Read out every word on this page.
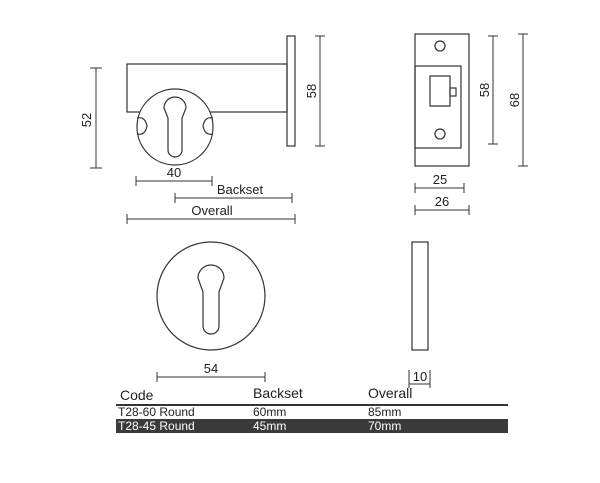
52
40
Backset
Overall
58	58
68
25
26
54
10
Code	Backset	Overall
T28-60 Round	60mm	85mm
T28-45 Round	45mm	70mm
